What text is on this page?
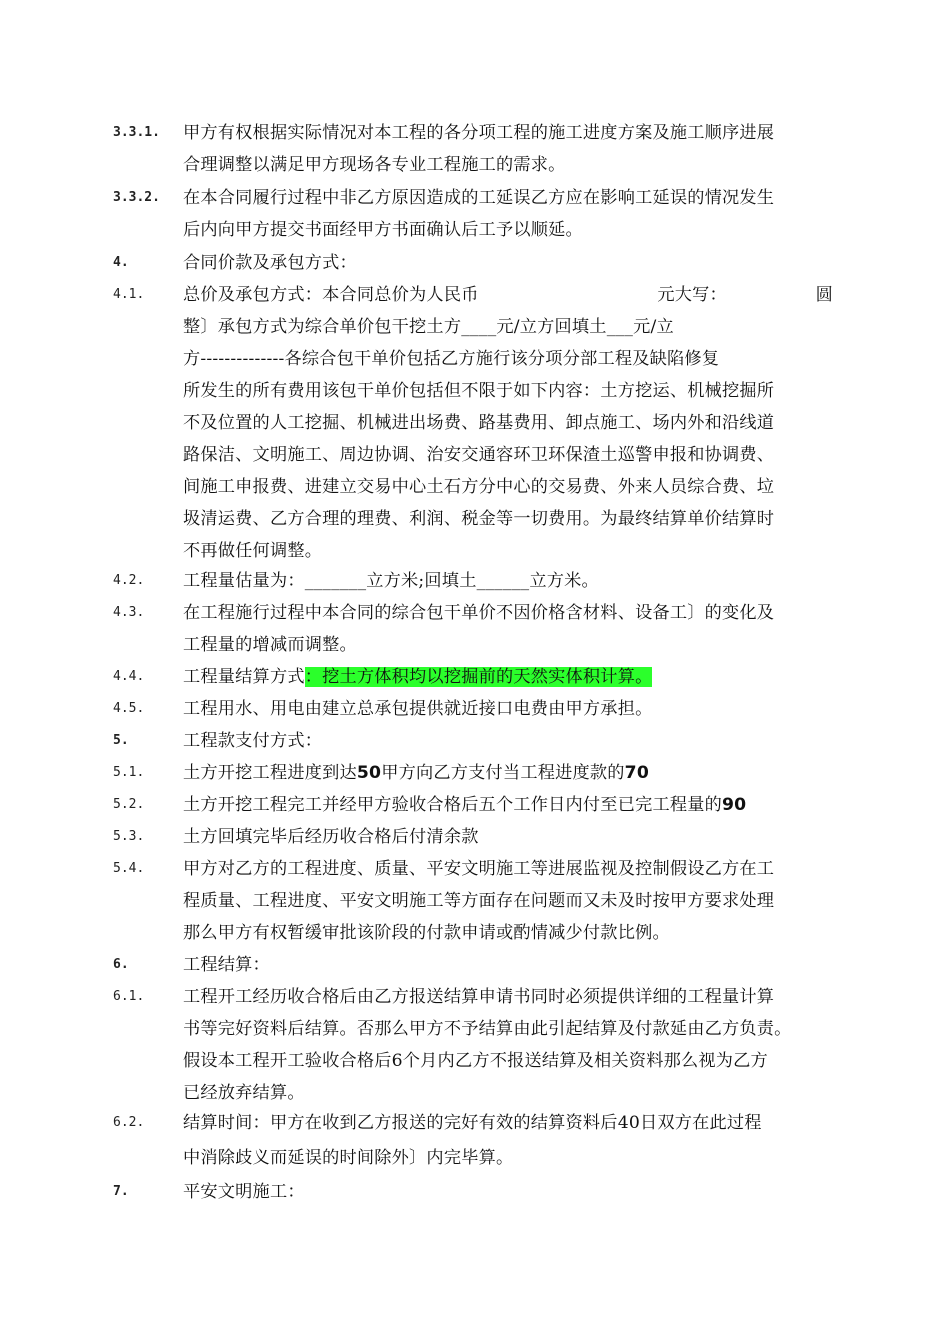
3.3.1. 甲方有权根据实际情况对本工程的各分项工程的施工进度方案及施工顺序进展
合理调整以满足甲方现场各专业工程施工的需求。
3.3.2. 在本合同履行过程中非乙方原因造成的工延误乙方应在影响工延误的情况发生
后内向甲方提交书面经甲方书面确认后工予以顺延。
4.	合同价款及承包方式：
4.1. 总价及承包方式：本合同总价为人民币	元大写：	圆
整〕承包方式为综合单价包干挖土方____元/立方回填土___元/立
方--------------各综合包干单价包括乙方施行该分项分部工程及缺陷修复
所发生的所有费用该包干单价包括但不限于如下内容：土方挖运、机械挖掘所
不及位置的人工挖掘、机械进出场费、路基费用、卸点施工、场内外和沿线道
路保洁、文明施工、周边协调、治安交通容环卫环保渣土巡警申报和协调费、
间施工申报费、进建立交易中心土石方分中心的交易费、外来人员综合费、垃
圾清运费、乙方合理的理费、利润、税金等一切费用。为最终结算单价结算时
不再做任何调整。
4.2. 工程量估量为：_______立方米;回填土______立方米。
4.3. 在工程施行过程中本合同的综合包干单价不因价格含材料、设备工〕的变化及
工程量的增减而调整。
4.4. 工程量结算方式：挖土方体积均以挖掘前的天然实体积计算。
4.5. 工程用水、用电由建立总承包提供就近接口电费由甲方承担。
5.	工程款支付方式：
5.1. 土方开挖工程进度到达50甲方向乙方支付当工程进度款的70
5.2. 土方开挖工程完工并经甲方验收合格后五个工作日内付至已完工程量的90
5.3. 土方回填完毕后经历收合格后付清余款
5.4. 甲方对乙方的工程进度、质量、平安文明施工等进展监视及控制假设乙方在工
程质量、工程进度、平安文明施工等方面存在问题而又未及时按甲方要求处理
那么甲方有权暂缓审批该阶段的付款申请或酌情减少付款比例。
6.	工程结算：
6.1. 工程开工经历收合格后由乙方报送结算申请书同时必须提供详细的工程量计算
书等完好资料后结算。否那么甲方不予结算由此引起结算及付款延由乙方负责。
假设本工程开工验收合格后6个月内乙方不报送结算及相关资料那么视为乙方
已经放弃结算。
6.2. 结算时间：甲方在收到乙方报送的完好有效的结算资料后40日双方在此过程
中消除歧义而延误的时间除外〕内完毕算。
7.	平安文明施工：
